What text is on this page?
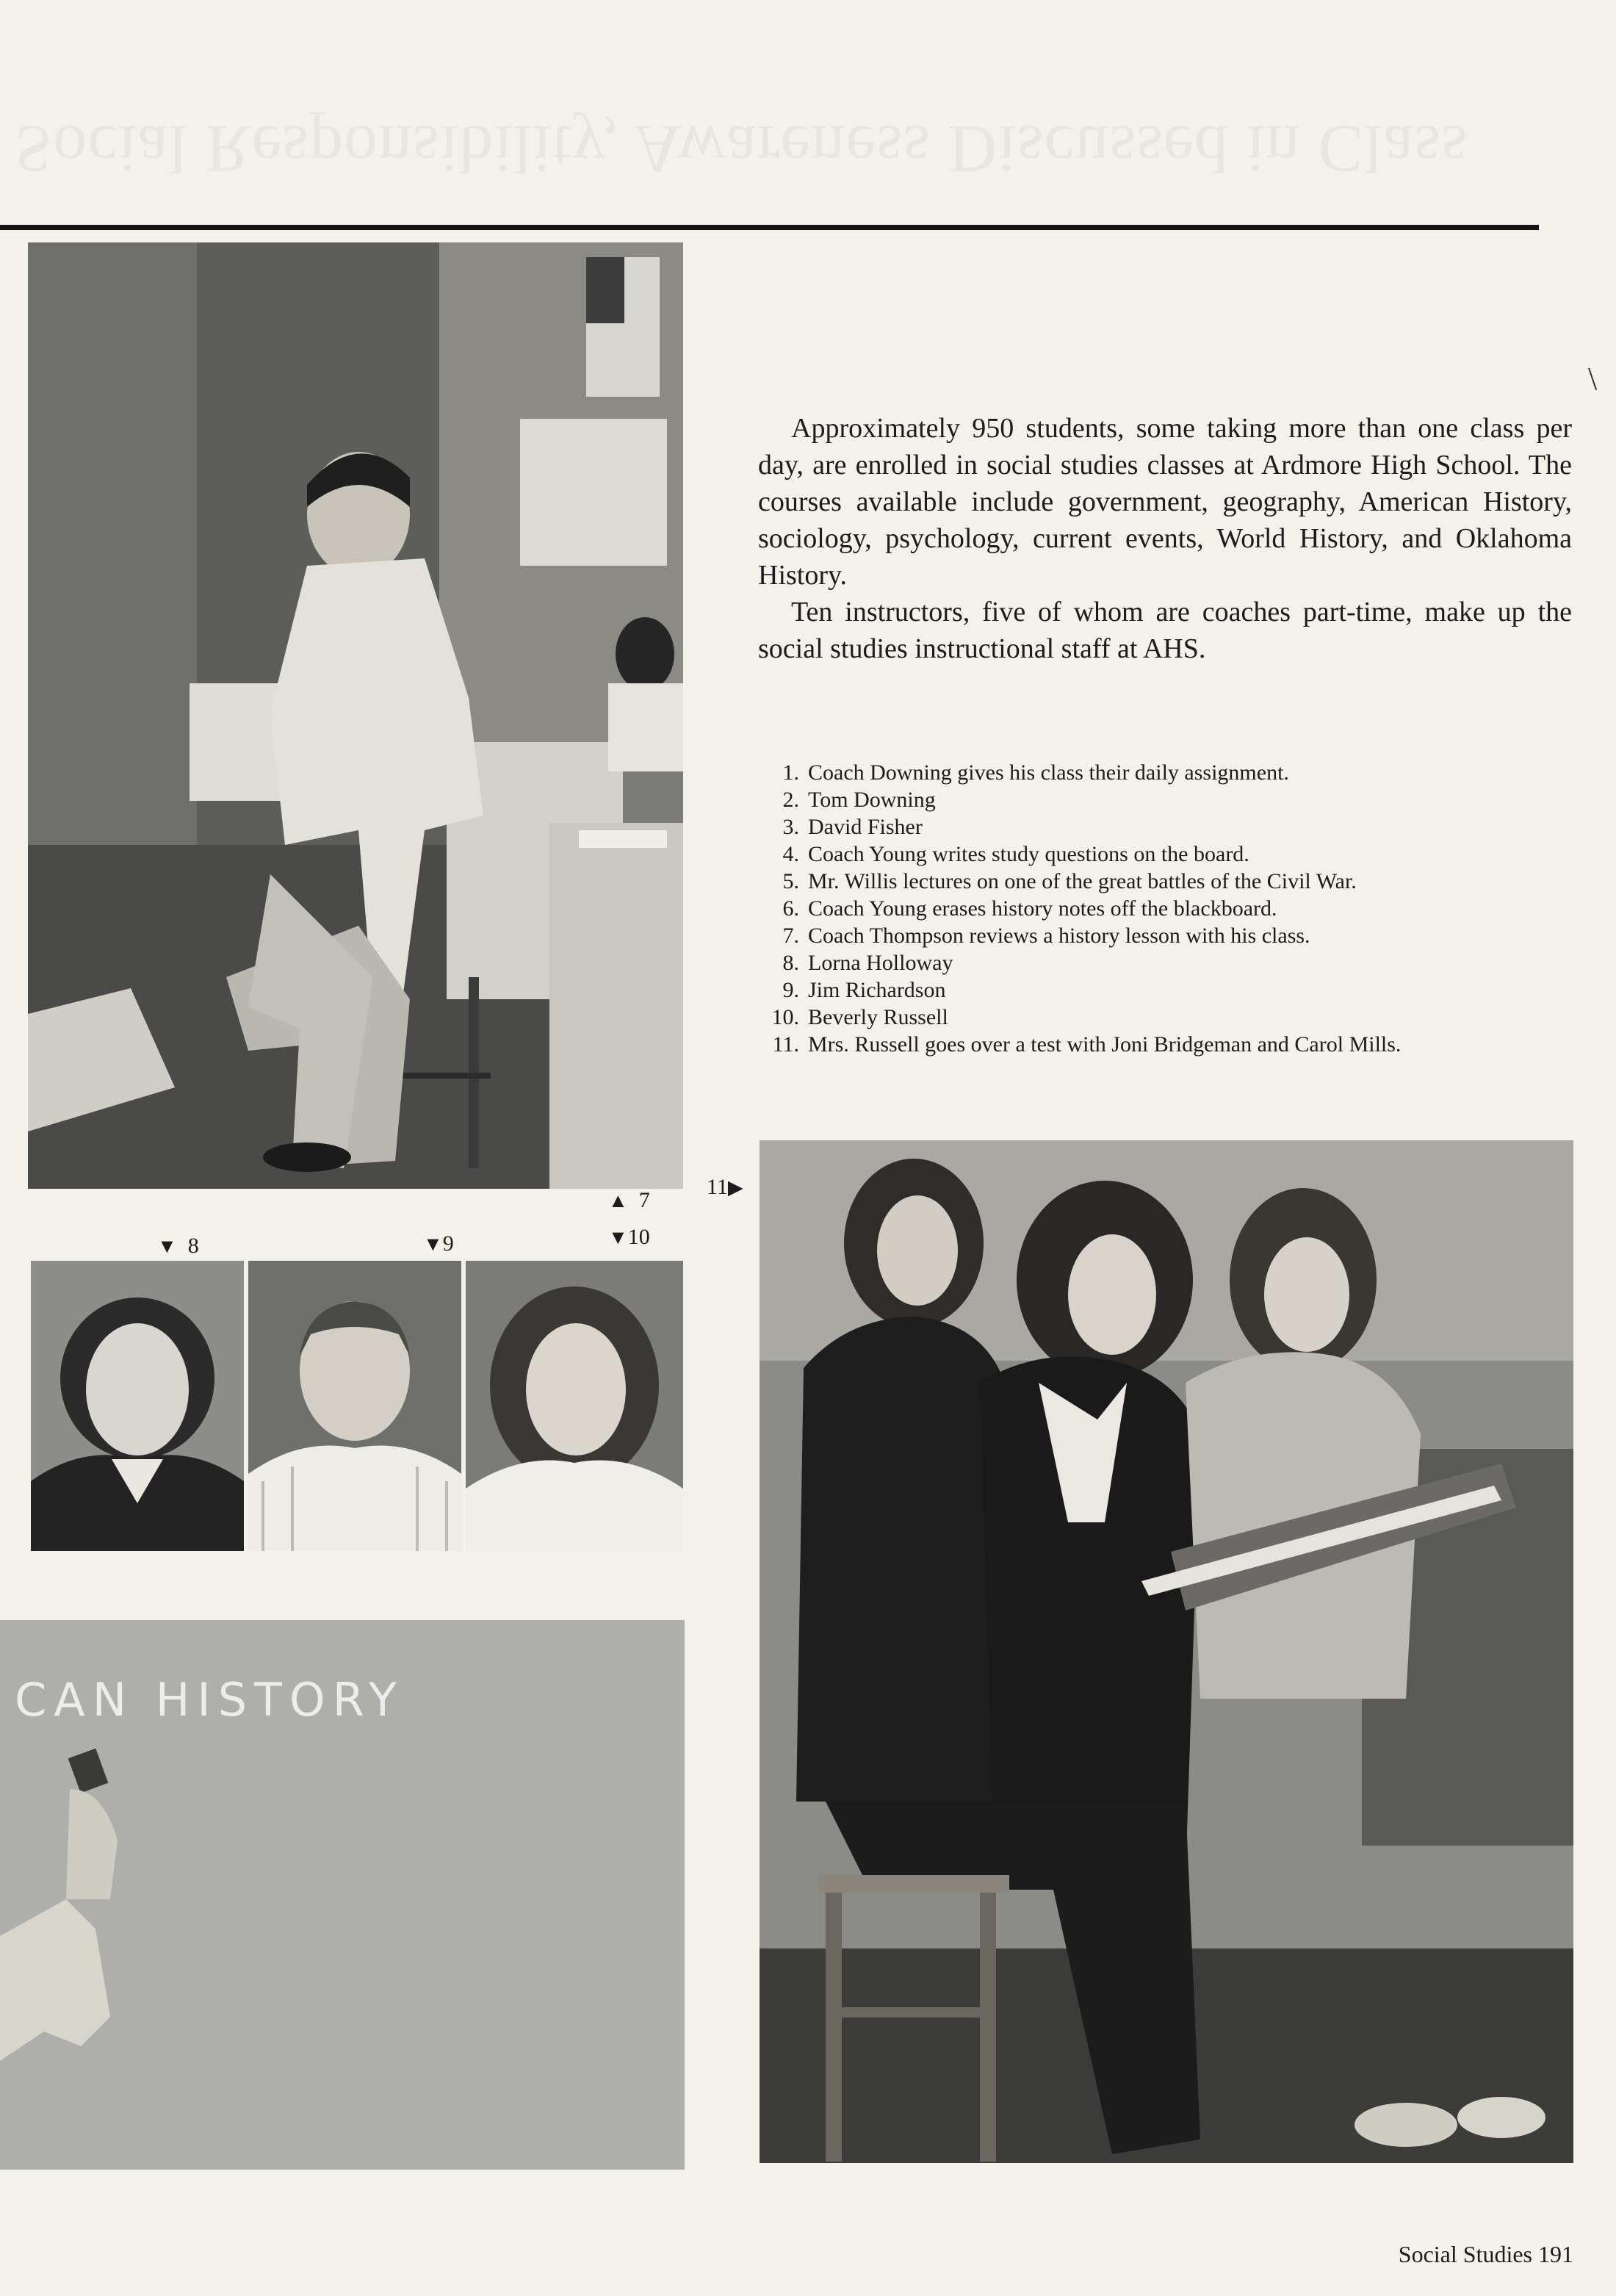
Social Responsibility, Awareness Discussed in Class
\
CAN HISTORY
▲ 7
▼ 8	▼9	▼10
11▶

Approximately 950 students, some taking more than one class per day, are enrolled in social studies classes at Ardmore High School. The courses available include government, geography, American History, sociology, psychology, current events, World History, and Oklahoma History.

Ten instructors, five of whom are coaches part-time, make up the social studies instructional staff at AHS.

1. Coach Downing gives his class their daily assignment.
2. Tom Downing
3. David Fisher
4. Coach Young writes study questions on the board.
5. Mr. Willis lectures on one of the great battles of the Civil War.
6. Coach Young erases history notes off the blackboard.
7. Coach Thompson reviews a history lesson with his class.
8. Lorna Holloway
9. Jim Richardson
10. Beverly Russell
11. Mrs. Russell goes over a test with Joni Bridgeman and Carol Mills.
Social Studies 191
